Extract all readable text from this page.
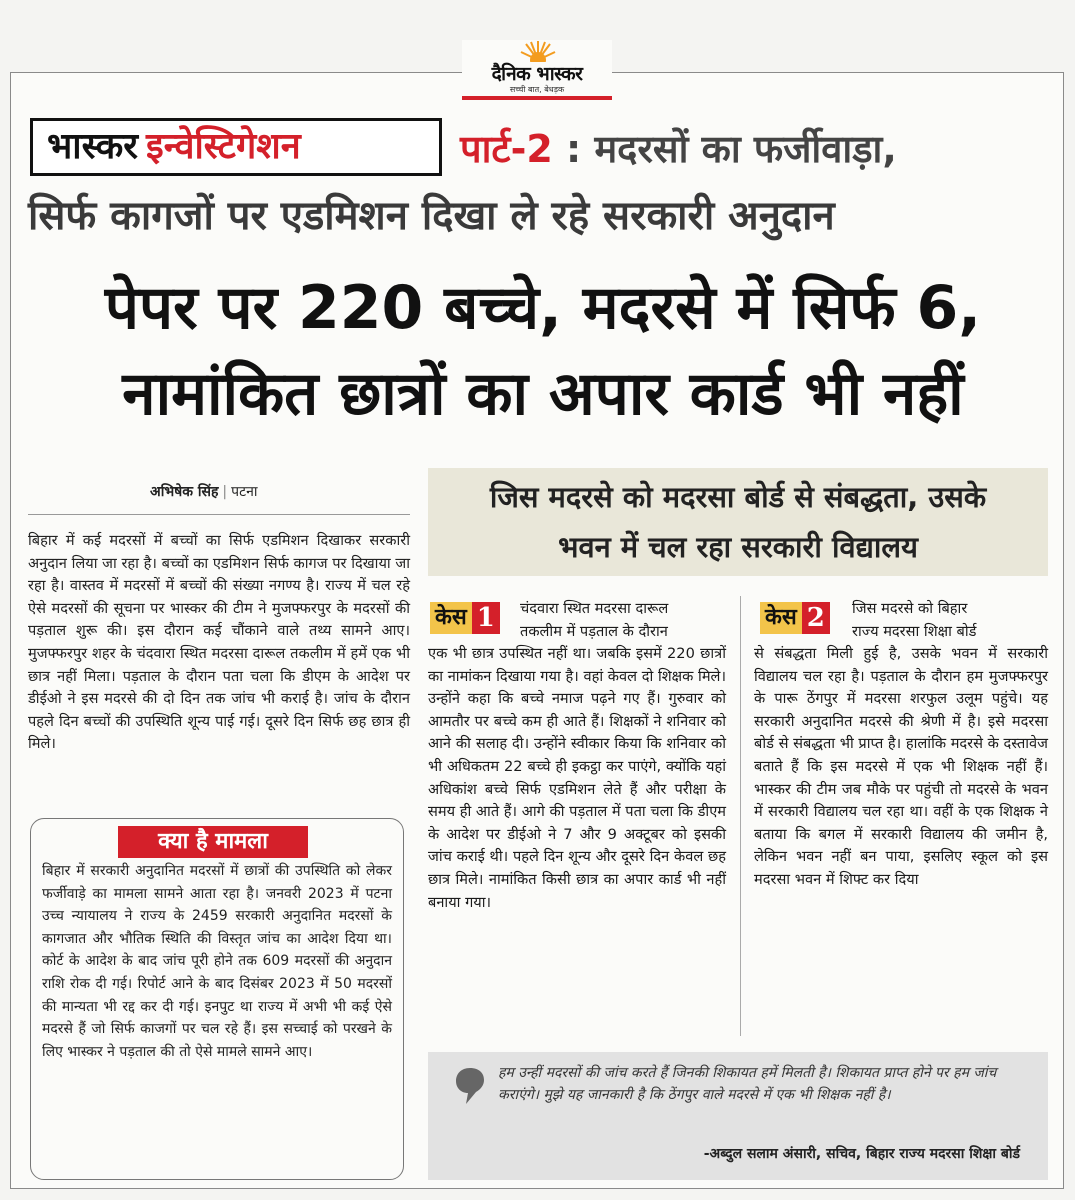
दैनिक भास्कर
सच्ची बात, बेधड़क
भास्कर इन्वेस्टिगेशन	पार्ट-2 : मदरसों का फर्जीवाड़ा,
सिर्फ कागजों पर एडमिशन दिखा ले रहे सरकारी अनुदान
पेपर पर 220 बच्चे, मदरसे में सिर्फ 6,
नामांकित छात्रों का अपार कार्ड भी नहीं
अभिषेक सिंह | पटना
बिहार में कई मदरसों में बच्चों का सिर्फ एडमिशन दिखाकर सरकारी अनुदान लिया जा रहा है। बच्चों का एडमिशन सिर्फ कागज पर दिखाया जा रहा है। वास्तव में मदरसों में बच्चों की संख्या नगण्य है। राज्य में चल रहे ऐसे मदरसों की सूचना पर भास्कर की टीम ने मुजफ्फरपुर के मदरसों की पड़ताल शुरू की। इस दौरान कई चौंकाने वाले तथ्य सामने आए। मुजफ्फरपुर शहर के चंदवारा स्थित मदरसा दारूल तकलीम में हमें एक भी छात्र नहीं मिला। पड़ताल के दौरान पता चला कि डीएम के आदेश पर डीईओ ने इस मदरसे की दो दिन तक जांच भी कराई है। जांच के दौरान पहले दिन बच्चों की उपस्थिति शून्य पाई गई। दूसरे दिन सिर्फ छह छात्र ही मिले।
क्या है मामला
बिहार में सरकारी अनुदानित मदरसों में छात्रों की उपस्थिति को लेकर फर्जीवाड़े का मामला सामने आता रहा है। जनवरी 2023 में पटना उच्च न्यायालय ने राज्य के 2459 सरकारी अनुदानित मदरसों के कागजात और भौतिक स्थिति की विस्तृत जांच का आदेश दिया था। कोर्ट के आदेश के बाद जांच पूरी होने तक 609 मदरसों की अनुदान राशि रोक दी गई। रिपोर्ट आने के बाद दिसंबर 2023 में 50 मदरसों की मान्यता भी रद्द कर दी गई। इनपुट था राज्य में अभी भी कई ऐसे मदरसे हैं जो सिर्फ काजगों पर चल रहे हैं। इस सच्चाई को परखने के लिए भास्कर ने पड़ताल की तो ऐसे मामले सामने आए।
जिस मदरसे को मदरसा बोर्ड से संबद्धता, उसके
भवन में चल रहा सरकारी विद्यालय
केस 1	चंदवारा स्थित मदरसा दारूल
तकलीम में पड़ताल के दौरान
एक भी छात्र उपस्थित नहीं था। जबकि इसमें 220 छात्रों का नामांकन दिखाया गया है। वहां केवल दो शिक्षक मिले। उन्होंने कहा कि बच्चे नमाज पढ़ने गए हैं। गुरुवार को आमतौर पर बच्चे कम ही आते हैं। शिक्षकों ने शनिवार को आने की सलाह दी। उन्होंने स्वीकार किया कि शनिवार को भी अधिकतम 22 बच्चे ही इकट्ठा कर पाएंगे, क्योंकि यहां अधिकांश बच्चे सिर्फ एडमिशन लेते हैं और परीक्षा के समय ही आते हैं। आगे की पड़ताल में पता चला कि डीएम के आदेश पर डीईओ ने 7 और 9 अक्टूबर को इसकी जांच कराई थी। पहले दिन शून्य और दूसरे दिन केवल छह छात्र मिले। नामांकित किसी छात्र का अपार कार्ड भी नहीं बनाया गया।
केस 2	जिस मदरसे को बिहार
राज्य मदरसा शिक्षा बोर्ड
से संबद्धता मिली हुई है, उसके भवन में सरकारी विद्यालय चल रहा है। पड़ताल के दौरान हम मुजफ्फरपुर के पारू ठेंगपुर में मदरसा शरफुल उलूम पहुंचे। यह सरकारी अनुदानित मदरसे की श्रेणी में है। इसे मदरसा बोर्ड से संबद्धता भी प्राप्त है। हालांकि मदरसे के दस्तावेज बताते हैं कि इस मदरसे में एक भी शिक्षक नहीं हैं। भास्कर की टीम जब मौके पर पहुंची तो मदरसे के भवन में सरकारी विद्यालय चल रहा था। वहीं के एक शिक्षक ने बताया कि बगल में सरकारी विद्यालय की जमीन है, लेकिन भवन नहीं बन पाया, इसलिए स्कूल को इस मदरसा भवन में शिफ्ट कर दिया
हम उन्हीं मदरसों की जांच करते हैं जिनकी शिकायत हमें मिलती है। शिकायत प्राप्त होने पर हम जांच कराएंगे। मुझे यह जानकारी है कि ठेंगपुर वाले मदरसे में एक भी शिक्षक नहीं है।
-अब्दुल सलाम अंसारी, सचिव, बिहार राज्य मदरसा शिक्षा बोर्ड
